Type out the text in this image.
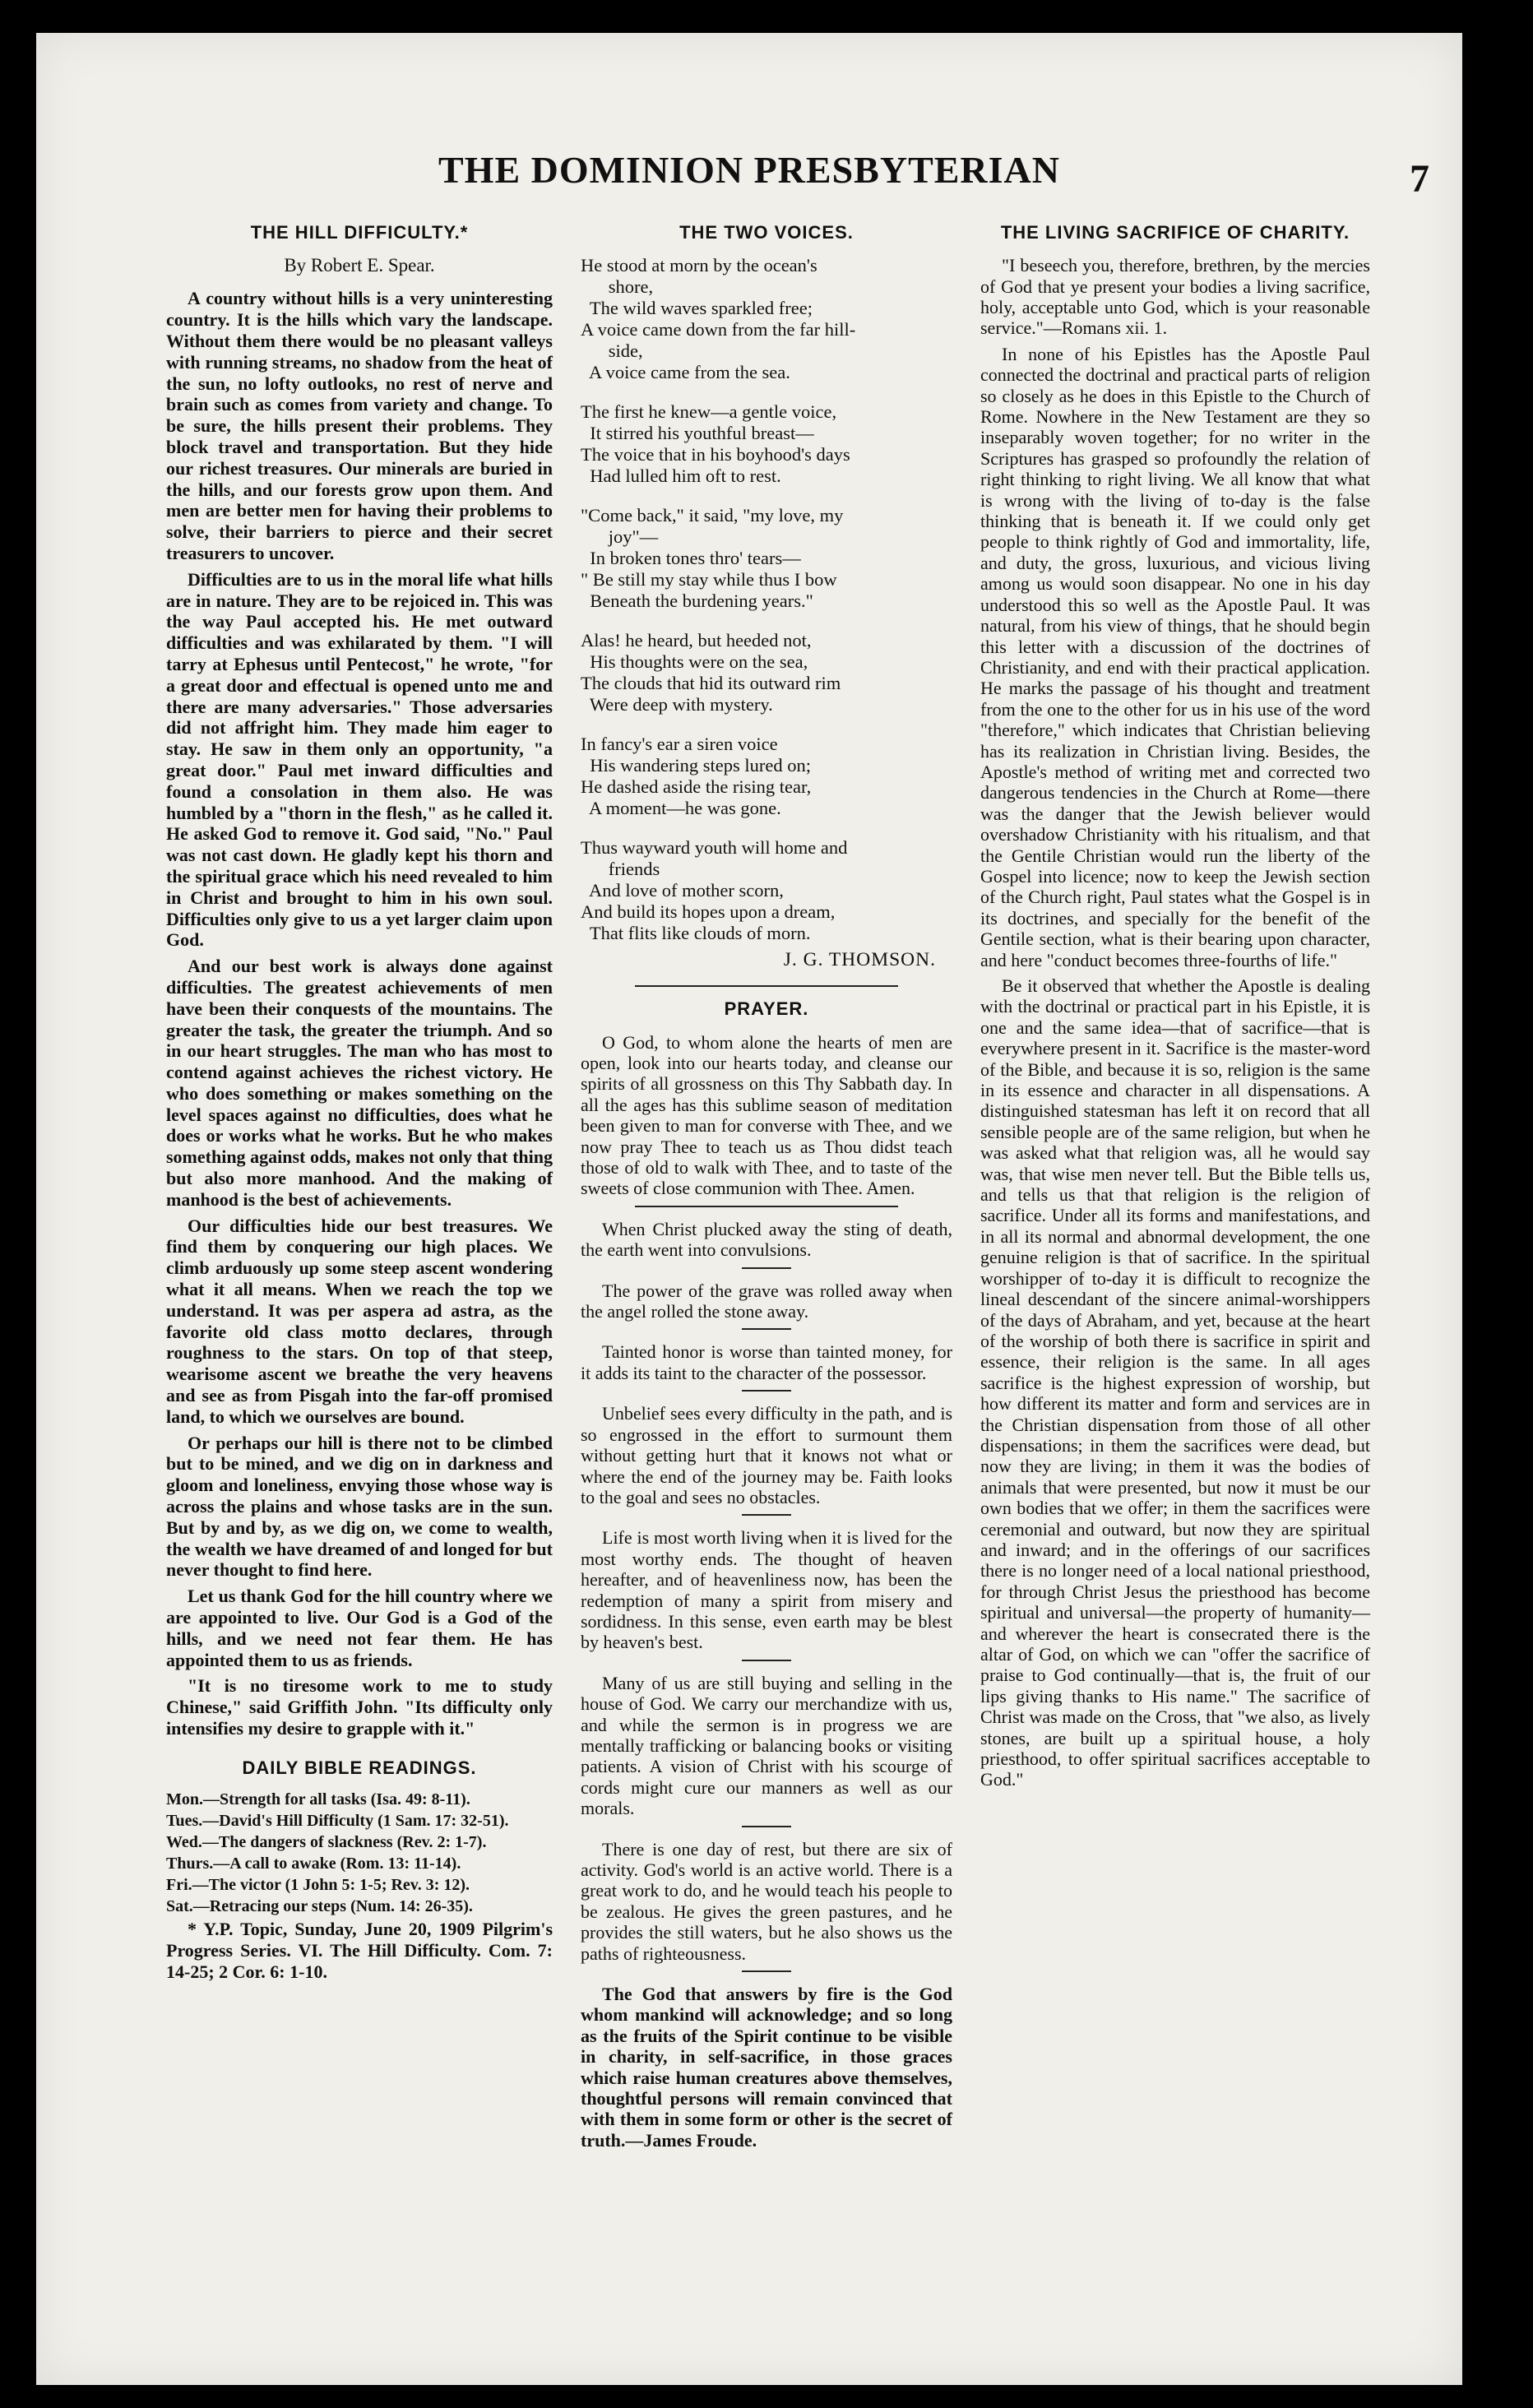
THE DOMINION PRESBYTERIAN	7
THE HILL DIFFICULTY.*
By Robert E. Spear.

A country without hills is a very uninteresting country. It is the hills which vary the landscape. Without them there would be no pleasant valleys with running streams, no shadow from the heat of the sun, no lofty outlooks, no rest of nerve and brain such as comes from variety and change. To be sure, the hills present their problems. They block travel and transportation. But they hide our richest treasures. Our minerals are buried in the hills, and our forests grow upon them. And men are better men for having their problems to solve, their barriers to pierce and their secret treasurers to uncover.

Difficulties are to us in the moral life what hills are in nature. They are to be rejoiced in. This was the way Paul accepted his. He met outward difficulties and was exhilarated by them. "I will tarry at Ephesus until Pentecost," he wrote, "for a great door and effectual is opened unto me and there are many adversaries." Those adversaries did not affright him. They made him eager to stay. He saw in them only an opportunity, "a great door." Paul met inward difficulties and found a consolation in them also. He was humbled by a "thorn in the flesh," as he called it. He asked God to remove it. God said, "No." Paul was not cast down. He gladly kept his thorn and the spiritual grace which his need revealed to him in Christ and brought to him in his own soul. Difficulties only give to us a yet larger claim upon God.

And our best work is always done against difficulties. The greatest achievements of men have been their conquests of the mountains. The greater the task, the greater the triumph. And so in our heart struggles. The man who has most to contend against achieves the richest victory. He who does something or makes something on the level spaces against no difficulties, does what he does or works what he works. But he who makes something against odds, makes not only that thing but also more manhood. And the making of manhood is the best of achievements.

Our difficulties hide our best treasures. We find them by conquering our high places. We climb arduously up some steep ascent wondering what it all means. When we reach the top we understand. It was per aspera ad astra, as the favorite old class motto declares, through roughness to the stars. On top of that steep, wearisome ascent we breathe the very heavens and see as from Pisgah into the far-off promised land, to which we ourselves are bound.

Or perhaps our hill is there not to be climbed but to be mined, and we dig on in darkness and gloom and loneliness, envying those whose way is across the plains and whose tasks are in the sun. But by and by, as we dig on, we come to wealth, the wealth we have dreamed of and longed for but never thought to find here.

Let us thank God for the hill country where we are appointed to live. Our God is a God of the hills, and we need not fear them. He has appointed them to us as friends.

"It is no tiresome work to me to study Chinese," said Griffith John. "Its difficulty only intensifies my desire to grapple with it."

DAILY BIBLE READINGS.
Mon.—Strength for all tasks (Isa. 49: 8-11).
Tues.—David's Hill Difficulty (1 Sam. 17: 32-51).
Wed.—The dangers of slackness (Rev. 2: 1-7).
Thurs.—A call to awake (Rom. 13: 11-14).
Fri.—The victor (1 John 5: 1-5; Rev. 3: 12).
Sat.—Retracing our steps (Num. 14: 26-35).

* Y.P. Topic, Sunday, June 20, 1909 Pilgrim's Progress Series. VI. The Hill Difficulty. Com. 7: 14-25; 2 Cor. 6: 1-10.

THE TWO VOICES.
He stood at morn by the ocean's
shore,
The wild waves sparkled free;
A voice came down from the far hill-
side,
A voice came from the sea.
The first he knew—a gentle voice,
It stirred his youthful breast—
The voice that in his boyhood's days
Had lulled him oft to rest.
"Come back," it said, "my love, my
joy"—
In broken tones thro' tears—
" Be still my stay while thus I bow
Beneath the burdening years."
Alas! he heard, but heeded not,
His thoughts were on the sea,
The clouds that hid its outward rim
Were deep with mystery.
In fancy's ear a siren voice
His wandering steps lured on;
He dashed aside the rising tear,
A moment—he was gone.
Thus wayward youth will home and
friends
And love of mother scorn,
And build its hopes upon a dream,
That flits like clouds of morn.
J. G. THOMSON.
PRAYER.

O God, to whom alone the hearts of men are open, look into our hearts today, and cleanse our spirits of all grossness on this Thy Sabbath day. In all the ages has this sublime season of meditation been given to man for converse with Thee, and we now pray Thee to teach us as Thou didst teach those of old to walk with Thee, and to taste of the sweets of close communion with Thee. Amen.

When Christ plucked away the sting of death, the earth went into convulsions.

The power of the grave was rolled away when the angel rolled the stone away.

Tainted honor is worse than tainted money, for it adds its taint to the character of the possessor.

Unbelief sees every difficulty in the path, and is so engrossed in the effort to surmount them without getting hurt that it knows not what or where the end of the journey may be. Faith looks to the goal and sees no obstacles.

Life is most worth living when it is lived for the most worthy ends. The thought of heaven hereafter, and of heavenliness now, has been the redemption of many a spirit from misery and sordidness. In this sense, even earth may be blest by heaven's best.

Many of us are still buying and selling in the house of God. We carry our merchandize with us, and while the sermon is in progress we are mentally trafficking or balancing books or visiting patients. A vision of Christ with his scourge of cords might cure our manners as well as our morals.

There is one day of rest, but there are six of activity. God's world is an active world. There is a great work to do, and he would teach his people to be zealous. He gives the green pastures, and he provides the still waters, but he also shows us the paths of righteousness.

The God that answers by fire is the God whom mankind will acknowledge; and so long as the fruits of the Spirit continue to be visible in charity, in self-sacrifice, in those graces which raise human creatures above themselves, thoughtful persons will remain convinced that with them in some form or other is the secret of truth.—James Froude.

THE LIVING SACRIFICE OF CHARITY.

"I beseech you, therefore, brethren, by the mercies of God that ye present your bodies a living sacrifice, holy, acceptable unto God, which is your reasonable service."—Romans xii. 1.

In none of his Epistles has the Apostle Paul connected the doctrinal and practical parts of religion so closely as he does in this Epistle to the Church of Rome. Nowhere in the New Testament are they so inseparably woven together; for no writer in the Scriptures has grasped so profoundly the relation of right thinking to right living. We all know that what is wrong with the living of to-day is the false thinking that is beneath it. If we could only get people to think rightly of God and immortality, life, and duty, the gross, luxurious, and vicious living among us would soon disappear. No one in his day understood this so well as the Apostle Paul. It was natural, from his view of things, that he should begin this letter with a discussion of the doctrines of Christianity, and end with their practical application. He marks the passage of his thought and treatment from the one to the other for us in his use of the word "therefore," which indicates that Christian believing has its realization in Christian living. Besides, the Apostle's method of writing met and corrected two dangerous tendencies in the Church at Rome—there was the danger that the Jewish believer would overshadow Christianity with his ritualism, and that the Gentile Christian would run the liberty of the Gospel into licence; now to keep the Jewish section of the Church right, Paul states what the Gospel is in its doctrines, and specially for the benefit of the Gentile section, what is their bearing upon character, and here "conduct becomes three-fourths of life."

Be it observed that whether the Apostle is dealing with the doctrinal or practical part in his Epistle, it is one and the same idea—that of sacrifice—that is everywhere present in it. Sacrifice is the master-word of the Bible, and because it is so, religion is the same in its essence and character in all dispensations. A distinguished statesman has left it on record that all sensible people are of the same religion, but when he was asked what that religion was, all he would say was, that wise men never tell. But the Bible tells us, and tells us that that religion is the religion of sacrifice. Under all its forms and manifestations, and in all its normal and abnormal development, the one genuine religion is that of sacrifice. In the spiritual worshipper of to-day it is difficult to recognize the lineal descendant of the sincere animal-worshippers of the days of Abraham, and yet, because at the heart of the worship of both there is sacrifice in spirit and essence, their religion is the same. In all ages sacrifice is the highest expression of worship, but how different its matter and form and services are in the Christian dispensation from those of all other dispensations; in them the sacrifices were dead, but now they are living; in them it was the bodies of animals that were presented, but now it must be our own bodies that we offer; in them the sacrifices were ceremonial and outward, but now they are spiritual and inward; and in the offerings of our sacrifices there is no longer need of a local national priesthood, for through Christ Jesus the priesthood has become spiritual and universal—the property of humanity—and wherever the heart is consecrated there is the altar of God, on which we can "offer the sacrifice of praise to God continually—that is, the fruit of our lips giving thanks to His name." The sacrifice of Christ was made on the Cross, that "we also, as lively stones, are built up a spiritual house, a holy priesthood, to offer spiritual sacrifices acceptable to God."
